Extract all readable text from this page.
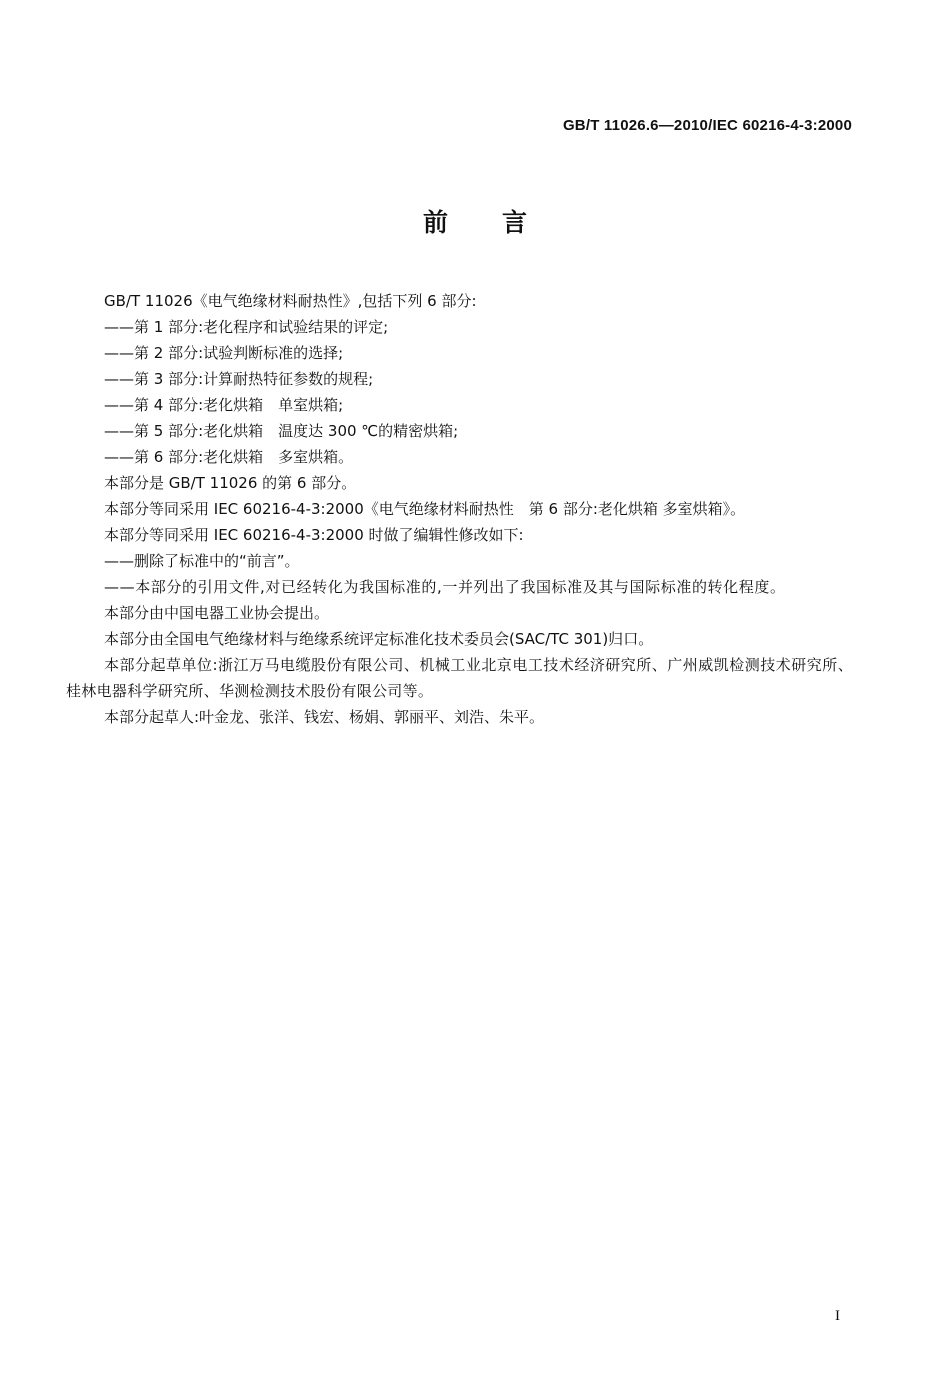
GB/T 11026.6—2010/IEC 60216-4-3:2000
前言

GB/T 11026《电气绝缘材料耐热性》,包括下列 6 部分:

——第 1 部分:老化程序和试验结果的评定;

——第 2 部分:试验判断标准的选择;

——第 3 部分:计算耐热特征参数的规程;

——第 4 部分:老化烘箱　单室烘箱;

——第 5 部分:老化烘箱　温度达 300 ℃的精密烘箱;

——第 6 部分:老化烘箱　多室烘箱。

本部分是 GB/T 11026 的第 6 部分。

本部分等同采用 IEC 60216-4-3:2000《电气绝缘材料耐热性　第 6 部分:老化烘箱 多室烘箱》。

本部分等同采用 IEC 60216-4-3:2000 时做了编辑性修改如下:

——删除了标准中的“前言”。

——本部分的引用文件,对已经转化为我国标准的,一并列出了我国标准及其与国际标准的转化程度。

本部分由中国电器工业协会提出。

本部分由全国电气绝缘材料与绝缘系统评定标准化技术委员会(SAC/TC 301)归口。

本部分起草单位:浙江万马电缆股份有限公司、机械工业北京电工技术经济研究所、广州威凯检测技术研究所、桂林电器科学研究所、华测检测技术股份有限公司等。

本部分起草人:叶金龙、张洋、钱宏、杨娟、郭丽平、刘浩、朱平。

I
